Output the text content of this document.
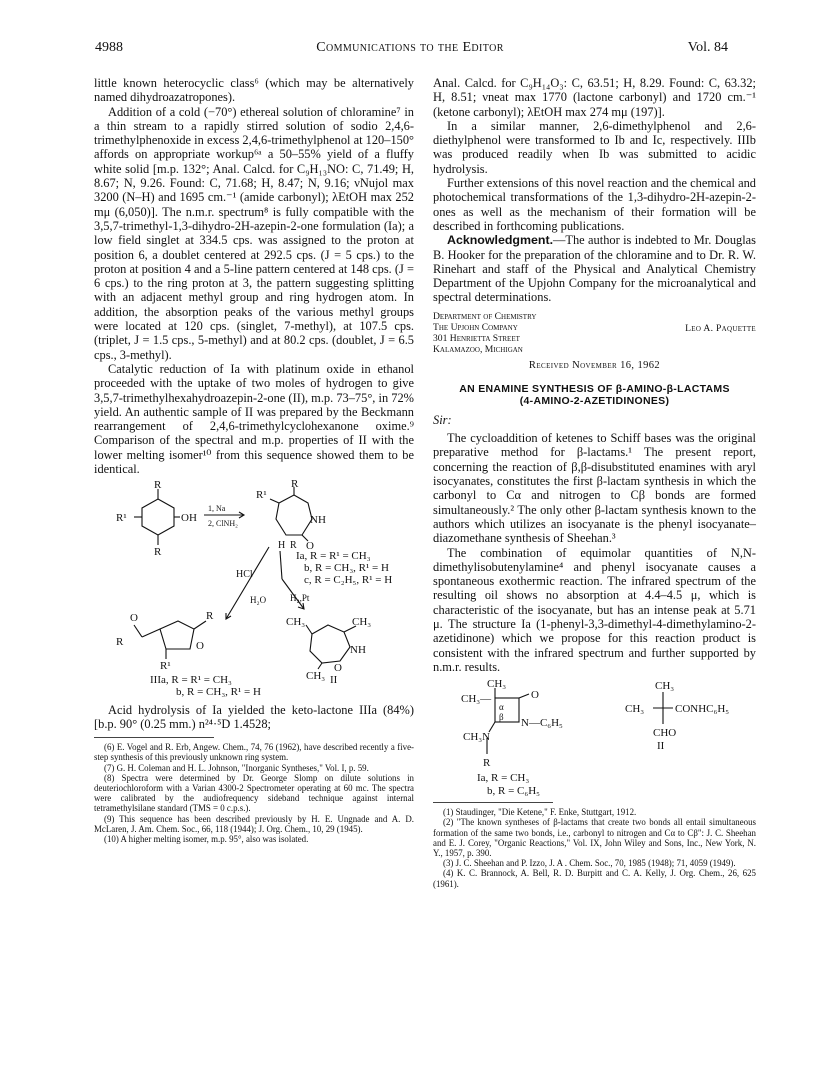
4988	Communications to the Editor	Vol. 84

little known heterocyclic class⁶ (which may be alternatively named dihydroazatropones).

Addition of a cold (−70°) ethereal solution of chloramine⁷ in a thin stream to a rapidly stirred solution of sodio 2,4,6-trimethylphenoxide in excess 2,4,6-trimethylphenol at 120–150° affords on appropriate workup⁶ᵃ a 50–55% yield of a fluffy white solid [m.p. 132°; Anal. Calcd. for C₉H₁₃NO: C, 71.49; H, 8.67; N, 9.26. Found: C, 71.68; H, 8.47; N, 9.16; νNujol max 3200 (N–H) and 1695 cm.⁻¹ (amide carbonyl); λEtOH max 252 mμ (6,050)]. The n.m.r. spectrum⁸ is fully compatible with the 3,5,7-trimethyl-1,3-dihydro-2H-azepin-2-one formulation (Ia); a low field singlet at 334.5 cps. was assigned to the proton at position 6, a doublet centered at 292.5 cps. (J = 5 cps.) to the proton at position 4 and a 5-line pattern centered at 148 cps. (J = 6 cps.) to the ring proton at 3, the pattern suggesting splitting with an adjacent methyl group and ring hydrogen atom. In addition, the absorption peaks of the various methyl groups were located at 120 cps. (singlet, 7-methyl), at 107.5 cps. (triplet, J = 1.5 cps., 5-methyl) and at 80.2 cps. (doublet, J = 6.5 cps., 3-methyl).

Catalytic reduction of Ia with platinum oxide in ethanol proceeded with the uptake of two moles of hydrogen to give 3,5,7-trimethylhexahydroazepin-2-one (II), m.p. 73–75°, in 72% yield. An authentic sample of II was prepared by the Beckmann rearrangement of 2,4,6-trimethylcyclohexanone oxime.⁹ Comparison of the spectral and m.p. properties of II with the lower melting isomer¹⁰ from this sequence showed them to be identical.

R
R¹	OH
R
1, Na
2, ClNH₂
R¹
R
NH
O
H R
Ia, R = R¹ = CH₃
b, R = CH₃, R¹ = H
c, R = C₂H₅, R¹ = H
HCl
H₂O	H₂,Pt
R
O
R	O
R¹
CH₃	CH₃
NH
CH₃
O
IIIa, R = R¹ = CH₃	II
b, R = CH₃, R¹ = H

Acid hydrolysis of Ia yielded the keto-lactone IIIa (84%) [b.p. 90° (0.25 mm.) n²⁴·⁵D 1.4528;

(6) E. Vogel and R. Erb, Angew. Chem., 74, 76 (1962), have described recently a five-step synthesis of this previously unknown ring system.

(7) G. H. Coleman and H. L. Johnson, "Inorganic Syntheses," Vol. I, p. 59.

(8) Spectra were determined by Dr. George Slomp on dilute solutions in deuteriochloroform with a Varian 4300-2 Spectrometer operating at 60 mc. The spectra were calibrated by the audiofrequency sideband technique against internal tetramethylsilane standard (TMS = 0 c.p.s.).

(9) This sequence has been described previously by H. E. Ungnade and A. D. McLaren, J. Am. Chem. Soc., 66, 118 (1944); J. Org. Chem., 10, 29 (1945).

(10) A higher melting isomer, m.p. 95°, also was isolated.

Anal. Calcd. for C₉H₁₄O₃: C, 63.51; H, 8.29. Found: C, 63.32; H, 8.51; νneat max 1770 (lactone carbonyl) and 1720 cm.⁻¹ (ketone carbonyl); λEtOH max 274 mμ (197)].

In a similar manner, 2,6-dimethylphenol and 2,6-diethylphenol were transformed to Ib and Ic, respectively. IIIb was produced readily when Ib was submitted to acidic hydrolysis.

Further extensions of this novel reaction and the chemical and photochemical transformations of the 1,3-dihydro-2H-azepin-2-ones as well as the mechanism of their formation will be described in forthcoming publications.

Acknowledgment.—The author is indebted to Mr. Douglas B. Hooker for the preparation of the chloramine and to Dr. R. W. Rinehart and staff of the Physical and Analytical Chemistry Department of the Upjohn Company for the microanalytical and spectral determinations.

Department of Chemistry
The Upjohn Company
301 Henrietta Street
Kalamazoo, Michigan
Leo A. Paquette
Received November 16, 1962
AN ENAMINE SYNTHESIS OF β-AMINO-β-LACTAMS
(4-AMINO-2-AZETIDINONES)
Sir:

The cycloaddition of ketenes to Schiff bases was the original preparative method for β-lactams.¹ The present report, concerning the reaction of β,β-disubstituted enamines with aryl isocyanates, constitutes the first β-lactam synthesis in which the carbonyl to Cα and nitrogen to Cβ bonds are formed simultaneously.² The only other β-lactam synthesis known to the authors which utilizes an isocyanate is the phenyl isocyanate–diazomethane synthesis of Sheehan.³

The combination of equimolar quantities of N,N-dimethylisobutenylamine⁴ and phenyl isocyanate causes a spontaneous exothermic reaction. The infrared spectrum of the resulting oil shows no absorption at 4.4–4.5 μ, which is characteristic of the isocyanate, but has an intense peak at 5.71 μ. The structure Ia (1-phenyl-3,3-dimethyl-4-dimethylamino-2-azetidinone) which we propose for this reaction product is consistent with the infrared spectrum and further supported by n.m.r. results.

CH₃
CH₃—	O
α
β N—C₆H₅
CH₃N
R
Ia, R = CH₃
b, R = C₆H₅
CH₃
CH₃	CONHC₆H₅
CHO
II

(1) Staudinger, "Die Ketene," F. Enke, Stuttgart, 1912.

(2) "The known syntheses of β-lactams that create two bonds all entail simultaneous formation of the same two bonds, i.e., carbonyl to nitrogen and Cα to Cβ": J. C. Sheehan and E. J. Corey, "Organic Reactions," Vol. IX, John Wiley and Sons, Inc., New York, N. Y., 1957, p. 390.

(3) J. C. Sheehan and P. Izzo, J. A . Chem. Soc., 70, 1985 (1948); 71, 4059 (1949).

(4) K. C. Brannock, A. Bell, R. D. Burpitt and C. A. Kelly, J. Org. Chem., 26, 625 (1961).
